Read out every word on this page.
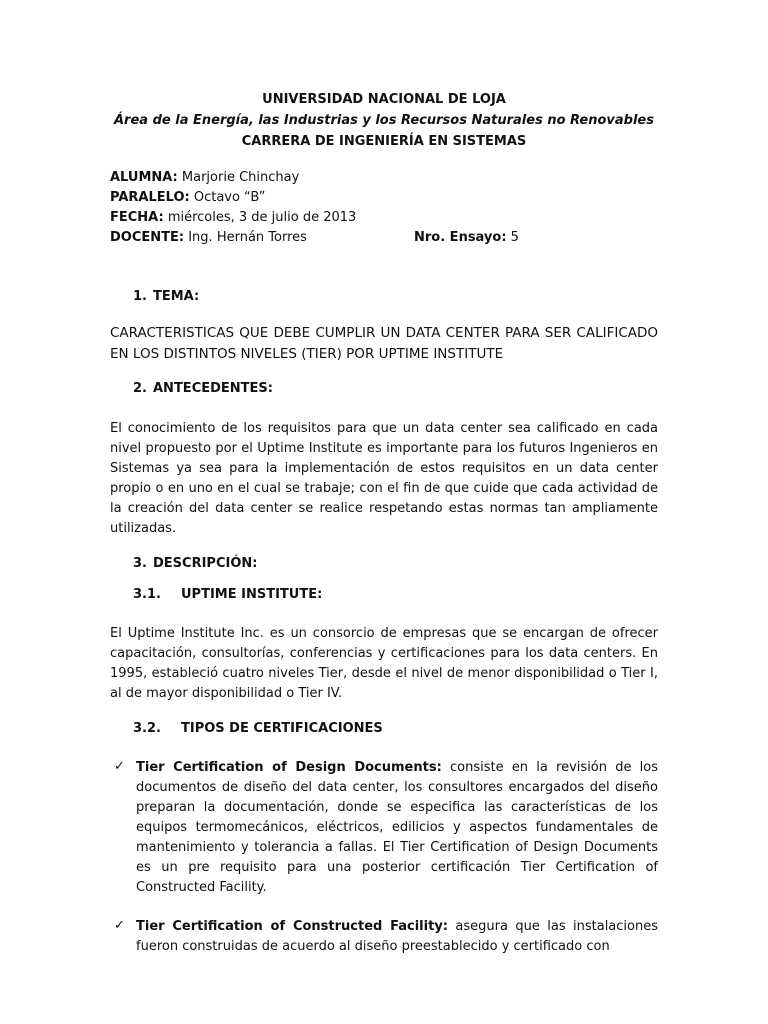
UNIVERSIDAD NACIONAL DE LOJA
Área de la Energía, las Industrias y los Recursos Naturales no Renovables
CARRERA DE INGENIERÍA EN SISTEMAS
ALUMNA: Marjorie Chinchay
PARALELO: Octavo “B”
FECHA: miércoles, 3 de julio de 2013
DOCENTE: Ing. Hernán Torres	Nro. Ensayo: 5
1. TEMA:

CARACTERISTICAS QUE DEBE CUMPLIR UN DATA CENTER PARA SER CALIFICADO EN LOS DISTINTOS NIVELES (TIER) POR UPTIME INSTITUTE

2. ANTECEDENTES:

El conocimiento de los requisitos para que un data center sea calificado en cada nivel propuesto por el Uptime Institute es importante para los futuros Ingenieros en Sistemas ya sea para la implementación de estos requisitos en un data center propio o en uno en el cual se trabaje; con el fin de que cuide que cada actividad de la creación del data center se realice respetando estas normas tan ampliamente utilizadas.

3. DESCRIPCIÓN:
3.1. UPTIME INSTITUTE:

El Uptime Institute Inc. es un consorcio de empresas que se encargan de ofrecer capacitación, consultorías, conferencias y certificaciones para los data centers. En 1995, estableció cuatro niveles Tier, desde el nivel de menor disponibilidad o Tier I, al de mayor disponibilidad o Tier IV.

3.2. TIPOS DE CERTIFICACIONES
✓ Tier Certification of Design Documents: consiste en la revisión de los documentos de diseño del data center, los consultores encargados del diseño preparan la documentación, donde se especifica las características de los equipos termomecánicos, eléctricos, edilicios y aspectos fundamentales de mantenimiento y tolerancia a fallas. El Tier Certification of Design Documents es un pre requisito para una posterior certificación Tier Certification of Constructed Facility.

✓ Tier Certification of Constructed Facility: asegura que las instalaciones fueron construidas de acuerdo al diseño preestablecido y certificado con
